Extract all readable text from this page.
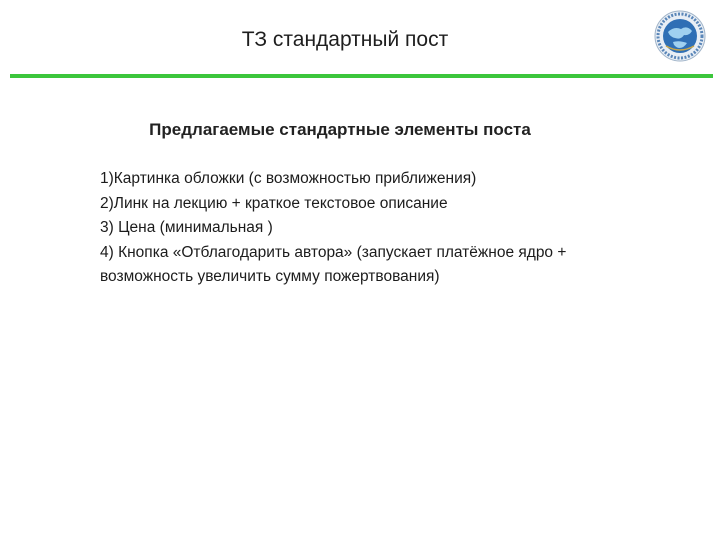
ТЗ стандартный пост
Предлагаемые стандартные элементы поста
1)Картинка обложки (с возможностью приближения)
2)Линк на лекцию + краткое текстовое описание
3) Цена (минимальная )
4) Кнопка «Отблагодарить автора» (запускает платёжное ядро + возможность увеличить сумму пожертвования)
